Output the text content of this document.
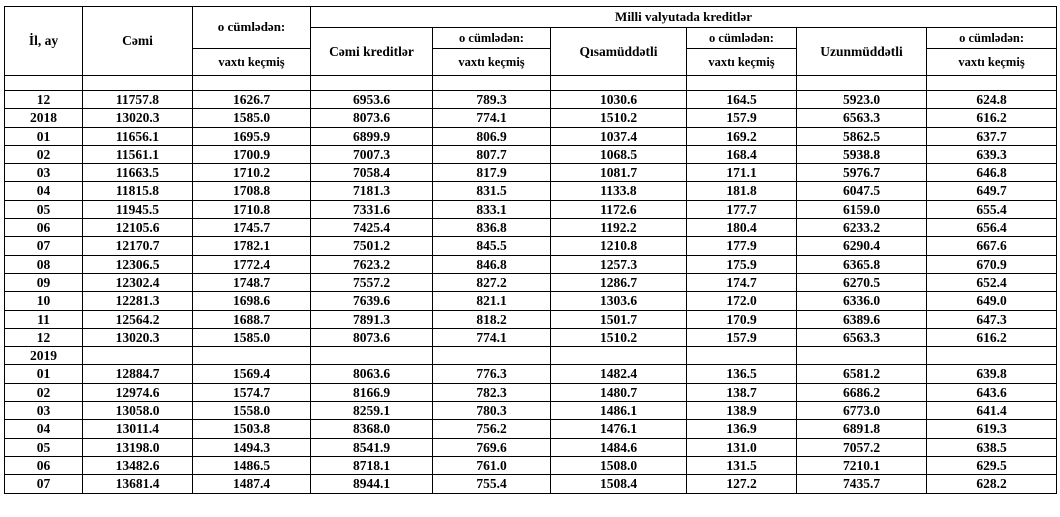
İl, ay	Cəmi	o cümlədən:	Milli valyutada kreditlər					
			Cəmi kreditlər	o cümlədən:	Qısamüddətli	o cümlədən:	Uzunmüddətli	o cümlədən:
		vaxtı keçmiş		vaxtı keçmiş		vaxtı keçmiş		vaxtı keçmiş

12	11757.8	1626.7	6953.6	789.3	1030.6	164.5	5923.0	624.8
2018	13020.3	1585.0	8073.6	774.1	1510.2	157.9	6563.3	616.2
01	11656.1	1695.9	6899.9	806.9	1037.4	169.2	5862.5	637.7
02	11561.1	1700.9	7007.3	807.7	1068.5	168.4	5938.8	639.3
03	11663.5	1710.2	7058.4	817.9	1081.7	171.1	5976.7	646.8
04	11815.8	1708.8	7181.3	831.5	1133.8	181.8	6047.5	649.7
05	11945.5	1710.8	7331.6	833.1	1172.6	177.7	6159.0	655.4
06	12105.6	1745.7	7425.4	836.8	1192.2	180.4	6233.2	656.4
07	12170.7	1782.1	7501.2	845.5	1210.8	177.9	6290.4	667.6
08	12306.5	1772.4	7623.2	846.8	1257.3	175.9	6365.8	670.9
09	12302.4	1748.7	7557.2	827.2	1286.7	174.7	6270.5	652.4
10	12281.3	1698.6	7639.6	821.1	1303.6	172.0	6336.0	649.0
11	12564.2	1688.7	7891.3	818.2	1501.7	170.9	6389.6	647.3
12	13020.3	1585.0	8073.6	774.1	1510.2	157.9	6563.3	616.2
2019								
01	12884.7	1569.4	8063.6	776.3	1482.4	136.5	6581.2	639.8
02	12974.6	1574.7	8166.9	782.3	1480.7	138.7	6686.2	643.6
03	13058.0	1558.0	8259.1	780.3	1486.1	138.9	6773.0	641.4
04	13011.4	1503.8	8368.0	756.2	1476.1	136.9	6891.8	619.3
05	13198.0	1494.3	8541.9	769.6	1484.6	131.0	7057.2	638.5
06	13482.6	1486.5	8718.1	761.0	1508.0	131.5	7210.1	629.5
07	13681.4	1487.4	8944.1	755.4	1508.4	127.2	7435.7	628.2
